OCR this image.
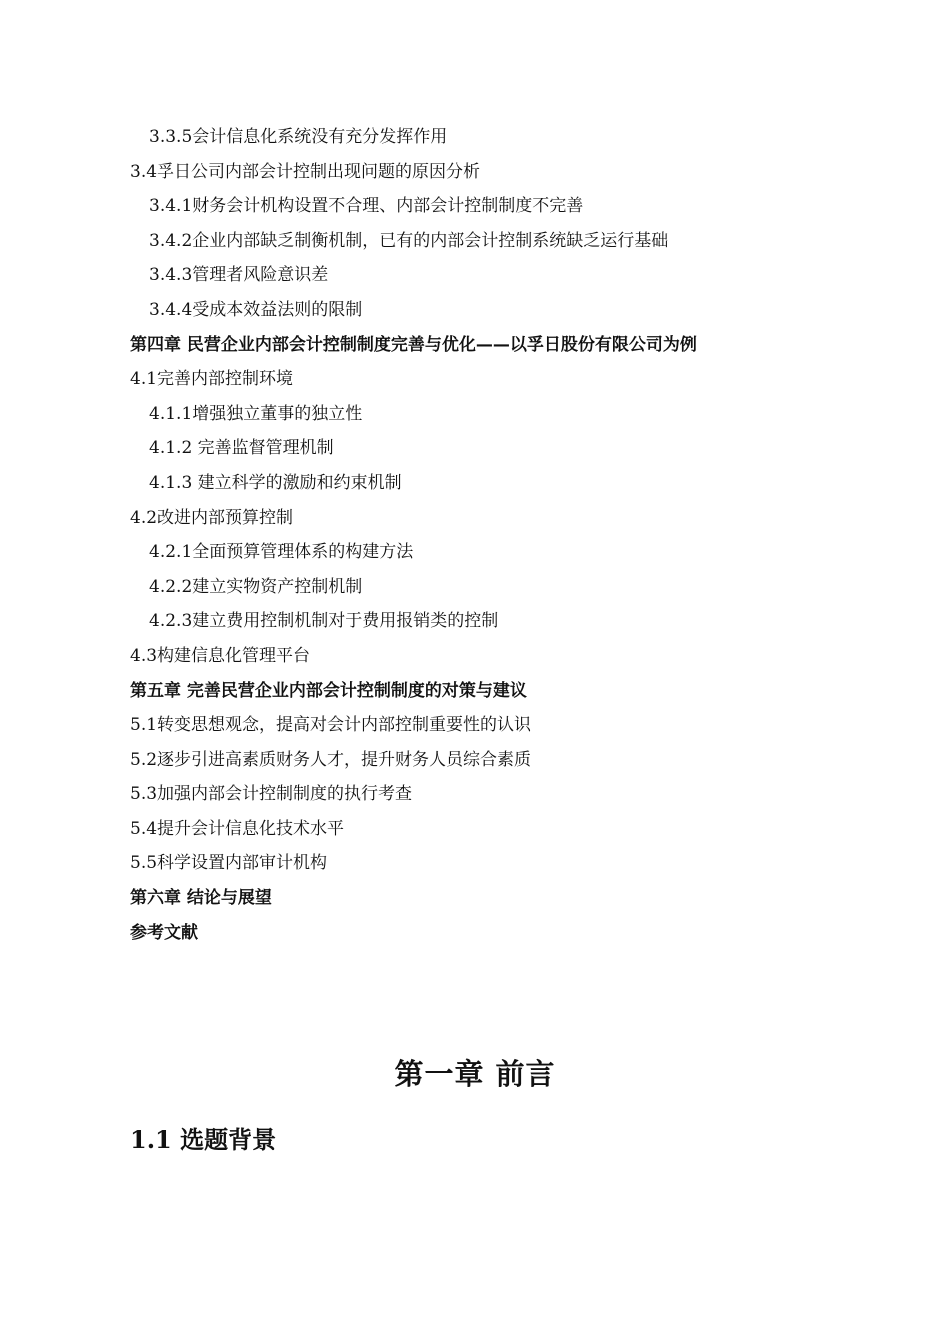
3.3.5会计信息化系统没有充分发挥作用
3.4孚日公司内部会计控制出现问题的原因分析
3.4.1财务会计机构设置不合理、内部会计控制制度不完善
3.4.2企业内部缺乏制衡机制，已有的内部会计控制系统缺乏运行基础
3.4.3管理者风险意识差
3.4.4受成本效益法则的限制
第四章 民营企业内部会计控制制度完善与优化——以孚日股份有限公司为例
4.1完善内部控制环境
4.1.1增强独立董事的独立性
4.1.2 完善监督管理机制
4.1.3 建立科学的激励和约束机制
4.2改进内部预算控制
4.2.1全面预算管理体系的构建方法
4.2.2建立实物资产控制机制
4.2.3建立费用控制机制对于费用报销类的控制
4.3构建信息化管理平台
第五章 完善民营企业内部会计控制制度的对策与建议
5.1转变思想观念，提高对会计内部控制重要性的认识
5.2逐步引进高素质财务人才，提升财务人员综合素质
5.3加强内部会计控制制度的执行考查
5.4提升会计信息化技术水平
5.5科学设置内部审计机构
第六章 结论与展望
参考文献
第一章 前言
1.1 选题背景
